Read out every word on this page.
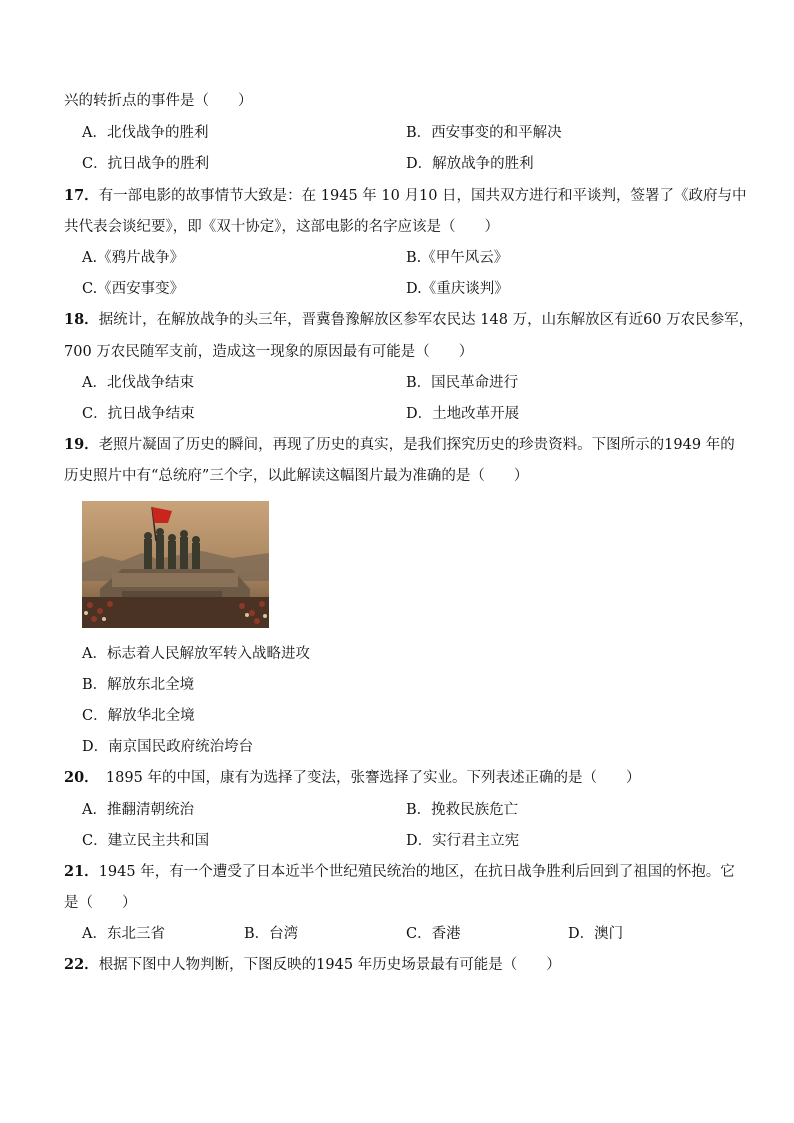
兴的转折点的事件是（　　）
A．北伐战争的胜利	B．西安事变的和平解决
C．抗日战争的胜利	D．解放战争的胜利
17．有一部电影的故事情节大致是：在 1945 年 10 月10 日，国共双方进行和平谈判，签署了《政府与中
共代表会谈纪要》，即《双十协定》，这部电影的名字应该是（　　）
A.《鸦片战争》	B.《甲午风云》
C.《西安事变》	D.《重庆谈判》
18．据统计，在解放战争的头三年，晋冀鲁豫解放区参军农民达 148 万，山东解放区有近60 万农民参军，
700 万农民随军支前，造成这一现象的原因最有可能是（　　）
A．北伐战争结束	B．国民革命进行
C．抗日战争结束	D．土地改革开展
19．老照片凝固了历史的瞬间，再现了历史的真实，是我们探究历史的珍贵资料。下图所示的1949 年的
历史照片中有“总统府”三个字，以此解读这幅图片最为准确的是（　　）
A．标志着人民解放军转入战略进攻
B．解放东北全境
C．解放华北全境
D．南京国民政府统治垮台
20．　1895 年的中国，康有为选择了变法，张謇选择了实业。下列表述正确的是（　　）
A．推翻清朝统治	B．挽救民族危亡
C．建立民主共和国	D．实行君主立宪
21．1945 年，有一个遭受了日本近半个世纪殖民统治的地区，在抗日战争胜利后回到了祖国的怀抱。它
是（　　）
A．东北三省	B．台湾	C．香港	D．澳门
22．根据下图中人物判断，下图反映的1945 年历史场景最有可能是（　　）
